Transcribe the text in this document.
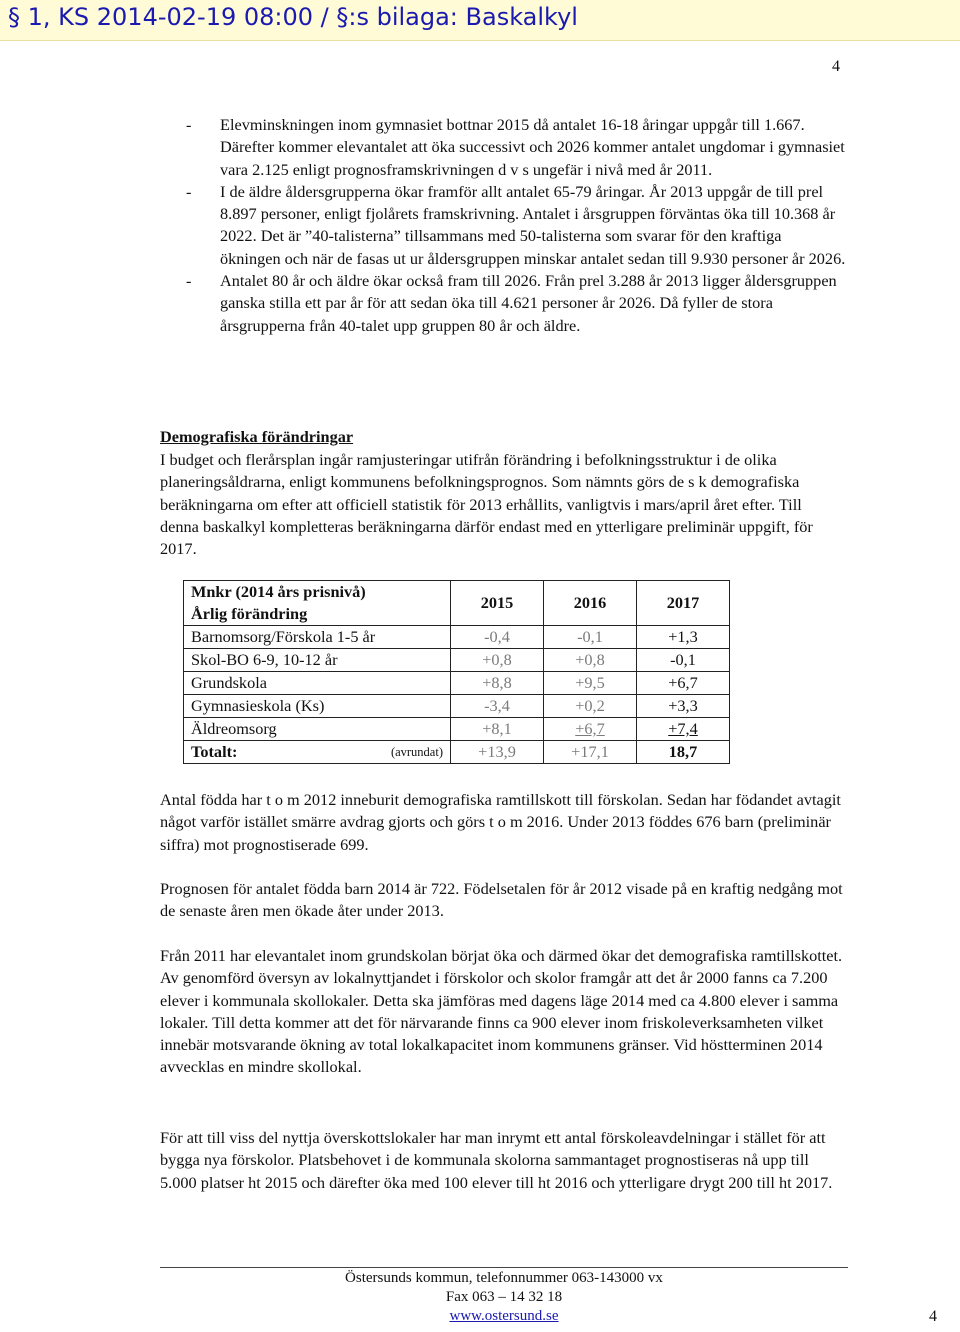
§ 1, KS 2014-02-19 08:00 / §:s bilaga: Baskalkyl
4
- Elevminskningen inom gymnasiet bottnar 2015 då antalet 16-18 åringar uppgår till 1.667. Därefter kommer elevantalet att öka successivt och 2026 kommer antalet ungdomar i gymnasiet vara 2.125 enligt prognosframskrivningen d v s ungefär i nivå med år 2011.
- I de äldre åldersgrupperna ökar framför allt antalet 65-79 åringar. År 2013 uppgår de till prel 8.897 personer, enligt fjolårets framskrivning. Antalet i årsgruppen förväntas öka till 10.368 år 2022. Det är ”40-talisterna” tillsammans med 50-talisterna som svarar för den kraftiga ökningen och när de fasas ut ur åldersgruppen minskar antalet sedan till 9.930 personer år 2026.
- Antalet 80 år och äldre ökar också fram till 2026. Från prel 3.288 år 2013 ligger åldersgruppen ganska stilla ett par år för att sedan öka till 4.621 personer år 2026. Då fyller de stora årsgrupperna från 40-talet upp gruppen 80 år och äldre.
Demografiska förändringar

I budget och flerårsplan ingår ramjusteringar utifrån förändring i befolkningsstruktur i de olika planeringsåldrarna, enligt kommunens befolkningsprognos. Som nämnts görs de s k demografiska beräkningarna om efter att officiell statistik för 2013 erhållits, vanligtvis i mars/april året efter. Till denna baskalkyl kompletteras beräkningarna därför endast med en ytterligare preliminär uppgift, för 2017.

Mnkr (2014 års prisnivå)
Årlig förändring	2015	2016	2017
Barnomsorg/Förskola 1-5 år	-0,4	-0,1	+1,3
Skol-BO 6-9, 10-12 år	+0,8	+0,8	-0,1
Grundskola	+8,8	+9,5	+6,7
Gymnasieskola (Ks)	-3,4	+0,2	+3,3
Äldreomsorg	+8,1	+6,7	+7,4
Totalt: (avrundat)	+13,9	+17,1	18,7

Antal födda har t o m 2012 inneburit demografiska ramtillskott till förskolan. Sedan har födandet avtagit något varför istället smärre avdrag gjorts och görs t o m 2016. Under 2013 föddes 676 barn (preliminär siffra) mot prognostiserade 699.

Prognosen för antalet födda barn 2014 är 722. Födelsetalen för år 2012 visade på en kraftig nedgång mot de senaste åren men ökade åter under 2013.

Från 2011 har elevantalet inom grundskolan börjat öka och därmed ökar det demografiska ramtillskottet. Av genomförd översyn av lokalnyttjandet i förskolor och skolor framgår att det år 2000 fanns ca 7.200 elever i kommunala skollokaler. Detta ska jämföras med dagens läge 2014 med ca 4.800 elever i samma lokaler. Till detta kommer att det för närvarande finns ca 900 elever inom friskoleverksamheten vilket innebär motsvarande ökning av total lokalkapacitet inom kommunens gränser. Vid höstterminen 2014 avvecklas en mindre skollokal.

För att till viss del nyttja överskottslokaler har man inrymt ett antal förskoleavdelningar i stället för att bygga nya förskolor. Platsbehovet i de kommunala skolorna sammantaget prognostiseras nå upp till 5.000 platser ht 2015 och därefter öka med 100 elever till ht 2016 och ytterligare drygt 200 till ht 2017.

Östersunds kommun, telefonnummer 063-143000 vx
Fax 063 – 14 32 18
www.ostersund.se	4
